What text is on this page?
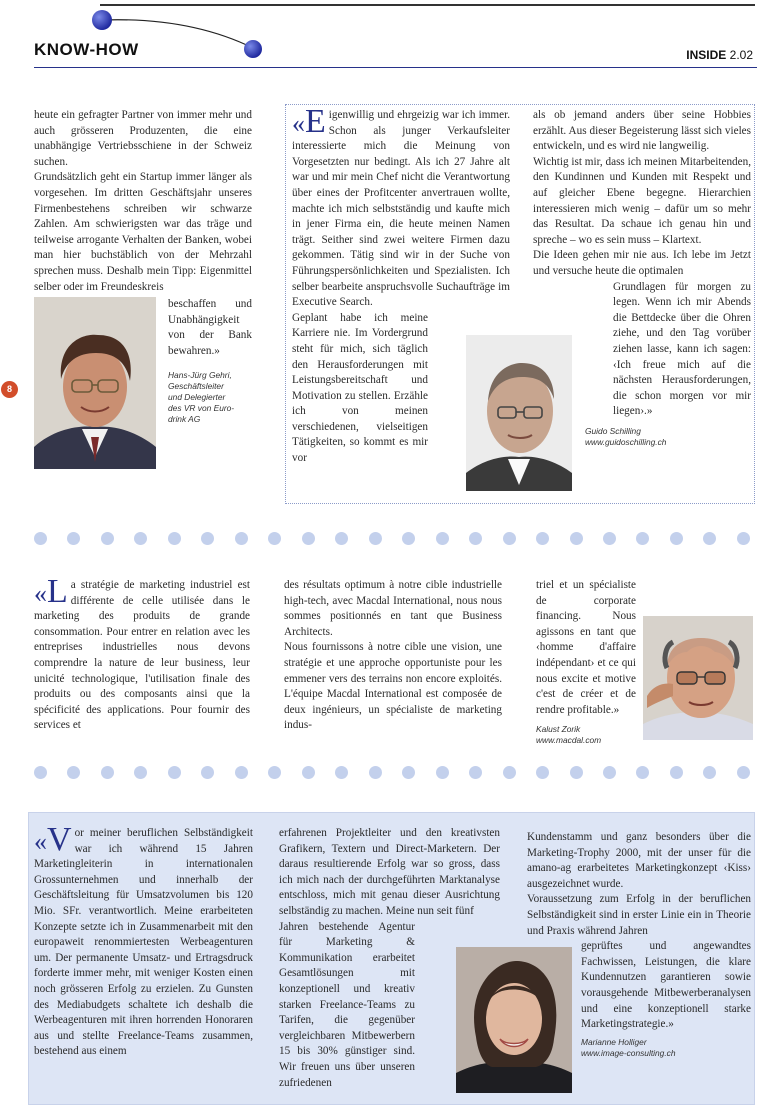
KNOW-HOW	INSIDE 2.02
8

heute ein gefragter Partner von immer mehr und auch grösseren Produzenten, die eine unabhängige Vertriebsschiene in der Schweiz suchen.

Grundsätzlich geht ein Startup immer länger als vorgesehen. Im dritten Geschäftsjahr unseres Firmenbestehens schreiben wir schwarze Zahlen. Am schwierigsten war das träge und teilweise arrogante Verhalten der Banken, wobei man hier buchstäblich von der Mehrzahl sprechen muss. Deshalb mein Tipp: Eigenmittel selber oder im Freundeskreis

beschaffen und Unabhängigkeit von der Bank bewahren.»

Hans-Jürg Gehri,
Geschäftsleiter
und Delegierter
des VR von Euro-
drink AG
«E igenwillig und ehrgeizig war ich immer. Schon als junger Verkaufsleiter interessierte mich die Meinung von Vorgesetzten nur bedingt. Als ich 27 Jahre alt war und mir mein Chef nicht die Verantwortung über eines der Profitcenter anvertrauen wollte, machte ich mich selbstständig und kaufte mich in jener Firma ein, die heute meinen Namen trägt. Seither sind zwei weitere Firmen dazu gekommen. Tätig sind wir in der Suche von Führungspersönlichkeiten und Spezialisten. Ich selber bearbeite anspruchsvolle Suchaufträge im Executive Search.

Geplant habe ich meine Karriere nie. Im Vordergrund steht für mich, sich täglich den Herausforderungen mit Leistungsbereitschaft und Motivation zu stellen. Erzähle ich von meinen verschiedenen, vielseitigen Tätigkeiten, so kommt es mir vor

als ob jemand anders über seine Hobbies erzählt. Aus dieser Begeisterung lässt sich vieles entwickeln, und es wird nie langweilig.

Wichtig ist mir, dass ich meinen Mitarbeitenden, den Kundinnen und Kunden mit Respekt und auf gleicher Ebene begegne. Hierarchien interessieren mich wenig – dafür um so mehr das Resultat. Da schaue ich genau hin und spreche – wo es sein muss – Klartext.

Die Ideen gehen mir nie aus. Ich lebe im Jetzt und versuche heute die optimalen

Grundlagen für morgen zu legen. Wenn ich mir Abends die Bettdecke über die Ohren ziehe, und den Tag vorüber ziehen lasse, kann ich sagen: ‹Ich freue mich auf die nächsten Herausforderungen, die schon morgen vor mir liegen›.»

Guido Schilling
www.guidoschilling.ch
«L a stratégie de marketing industriel est différente de celle utilisée dans le marketing des produits de grande consommation. Pour entrer en relation avec les entreprises industrielles nous devons comprendre la nature de leur business, leur unicité technologique, l'utilisation finale des produits ou des composants ainsi que la spécificité des applications. Pour fournir des services et

des résultats optimum à notre cible industrielle high-tech, avec Macdal International, nous nous sommes positionnés en tant que Business Architects.

Nous fournissons à notre cible une vision, une stratégie et une approche opportuniste pour les emmener vers des terrains non encore exploités. L'équipe Macdal International est composée de deux ingénieurs, un spécialiste de marketing indus-

triel et un spécialiste de corporate financing. Nous agissons en tant que ‹homme d'affaire indépendant› et ce qui nous excite et motive c'est de créer et de rendre profitable.»

Kalust Zorik
www.macdal.com
«V or meiner beruflichen Selbständigkeit war ich während 15 Jahren Marketingleiterin in internationalen Grossunternehmen und innerhalb der Geschäftsleitung für Umsatzvolumen bis 120 Mio. SFr. verantwortlich. Meine erarbeiteten Konzepte setzte ich in Zusammenarbeit mit den europaweit renommiertesten Werbeagenturen um. Der permanente Umsatz- und Ertragsdruck forderte immer mehr, mit weniger Kosten einen noch grösseren Erfolg zu erzielen. Zu Gunsten des Mediabudgets schaltete ich deshalb die Werbeagenturen mit ihren horrenden Honoraren aus und stellte Freelance-Teams zusammen, bestehend aus einem

erfahrenen Projektleiter und den kreativsten Grafikern, Textern und Direct-Marketern. Der daraus resultierende Erfolg war so gross, dass ich mich nach der durchgeführten Marktanalyse entschloss, mich mit genau dieser Ausrichtung selbständig zu machen. Meine nun seit fünf

Jahren bestehende Agentur für Marketing & Kommunikation erarbeitet Gesamtlösungen mit konzeptionell und kreativ starken Freelance-Teams zu Tarifen, die gegenüber vergleichbaren Mitbewerbern 15 bis 30% günstiger sind. Wir freuen uns über unseren zufriedenen

Kundenstamm und ganz besonders über die Marketing-Trophy 2000, mit der unser für die amano-ag erarbeitetes Marketingkonzept ‹Kiss› ausgezeichnet wurde.

Voraussetzung zum Erfolg in der beruflichen Selbständigkeit sind in erster Linie ein in Theorie und Praxis während Jahren

geprüftes und angewandtes Fachwissen, Leistungen, die klare Kundennutzen garantieren sowie vorausgehende Mitbewerberanalysen und eine konzeptionell starke Marketingstrategie.»

Marianne Holliger
www.image-consulting.ch
